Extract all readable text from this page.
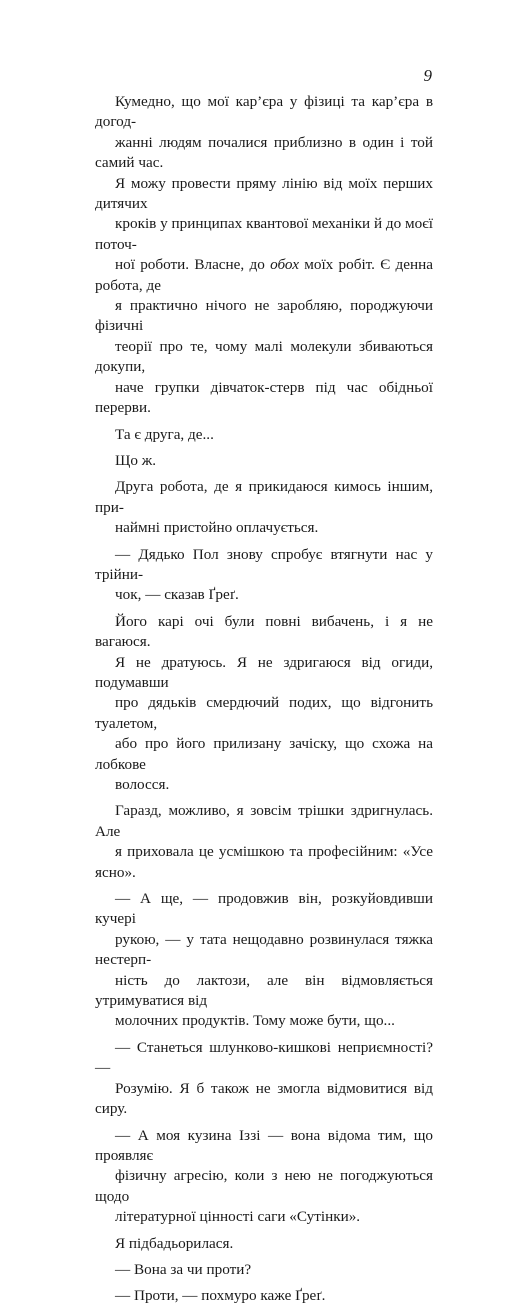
9

Кумедно, що мої кар’єра у фізиці та кар’єра в догод-
жанні людям почалися приблизно в один і той самий час.
Я можу провести пряму лінію від моїх перших дитячих
кроків у принципах квантової механіки й до моєї поточ-
ної роботи. Власне, до обох моїх робіт. Є денна робота, де
я практично нічого не заробляю, породжуючи фізичні
теорії про те, чому малі молекули збиваються докупи,
наче групки дівчаток-стерв під час обідньої перерви.

Та є друга, де...

Що ж.

Друга робота, де я прикидаюся кимось іншим, при-
наймні пристойно оплачується.

— Дядько Пол знову спробує втягнути нас у трійни-
чок, — сказав Ґреґ.

Його карі очі були повні вибачень, і я не вагаюся.
Я не дратуюсь. Я не здригаюся від огиди, подумавши
про дядьків смердючий подих, що відгонить туалетом,
або про його прилизану зачіску, що схожа на лобкове
волосся.

Гаразд, можливо, я зовсім трішки здригнулась. Але
я приховала це усмішкою та професійним: «Усе ясно».

— А ще, — продовжив він, розкуйовдивши кучері
рукою, — у тата нещодавно розвинулася тяжка нестерп-
ність до лактози, але він відмовляється утримуватися від
молочних продуктів. Тому може бути, що...

— Станеться шлунково-кишкові неприємності? —
Розумію. Я б також не змогла відмовитися від сиру.

— А моя кузина Іззі — вона відома тим, що проявляє
фізичну агресію, коли з нею не погоджуються щодо
літературної цінності саги «Сутінки».

Я підбадьорилася.

— Вона за чи проти?

— Проти, — похмуро каже Ґреґ.
